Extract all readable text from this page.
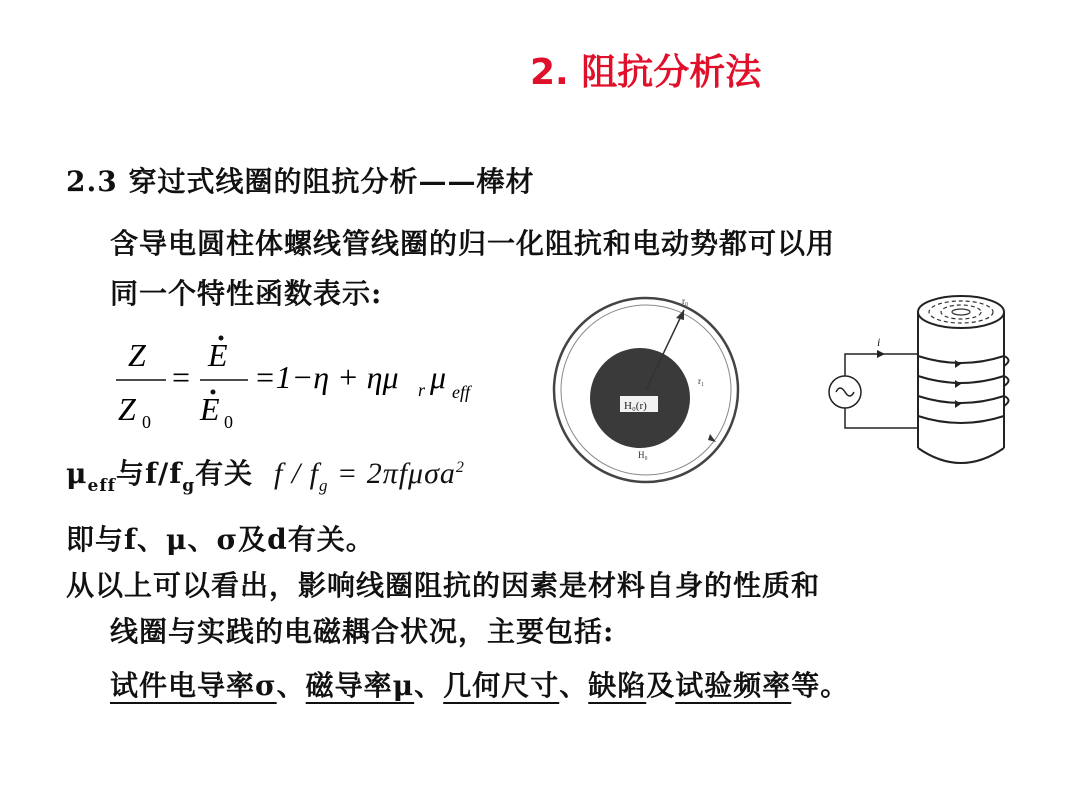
2. 阻抗分析法
2.3 穿过式线圈的阻抗分析——棒材
含导电圆柱体螺线管线圈的归一化阻抗和电动势都可以用
同一个特性函数表示:
Z
Z 0
=
E
E 0
=1−η + ημ r μ eff
$\mu_{eff}$与$f/f_g$有关 $f / f_g = 2\pi f\mu\sigma a^2$
即与f、μ、σ及d有关。
从以上可以看出，影响线圈阻抗的因素是材料自身的性质和
线圈与实践的电磁耦合状况，主要包括:
试件电导率σ、磁导率μ、几何尺寸、缺陷及试验频率等。
H₀(r)
r₀
r₁
H₀
i
